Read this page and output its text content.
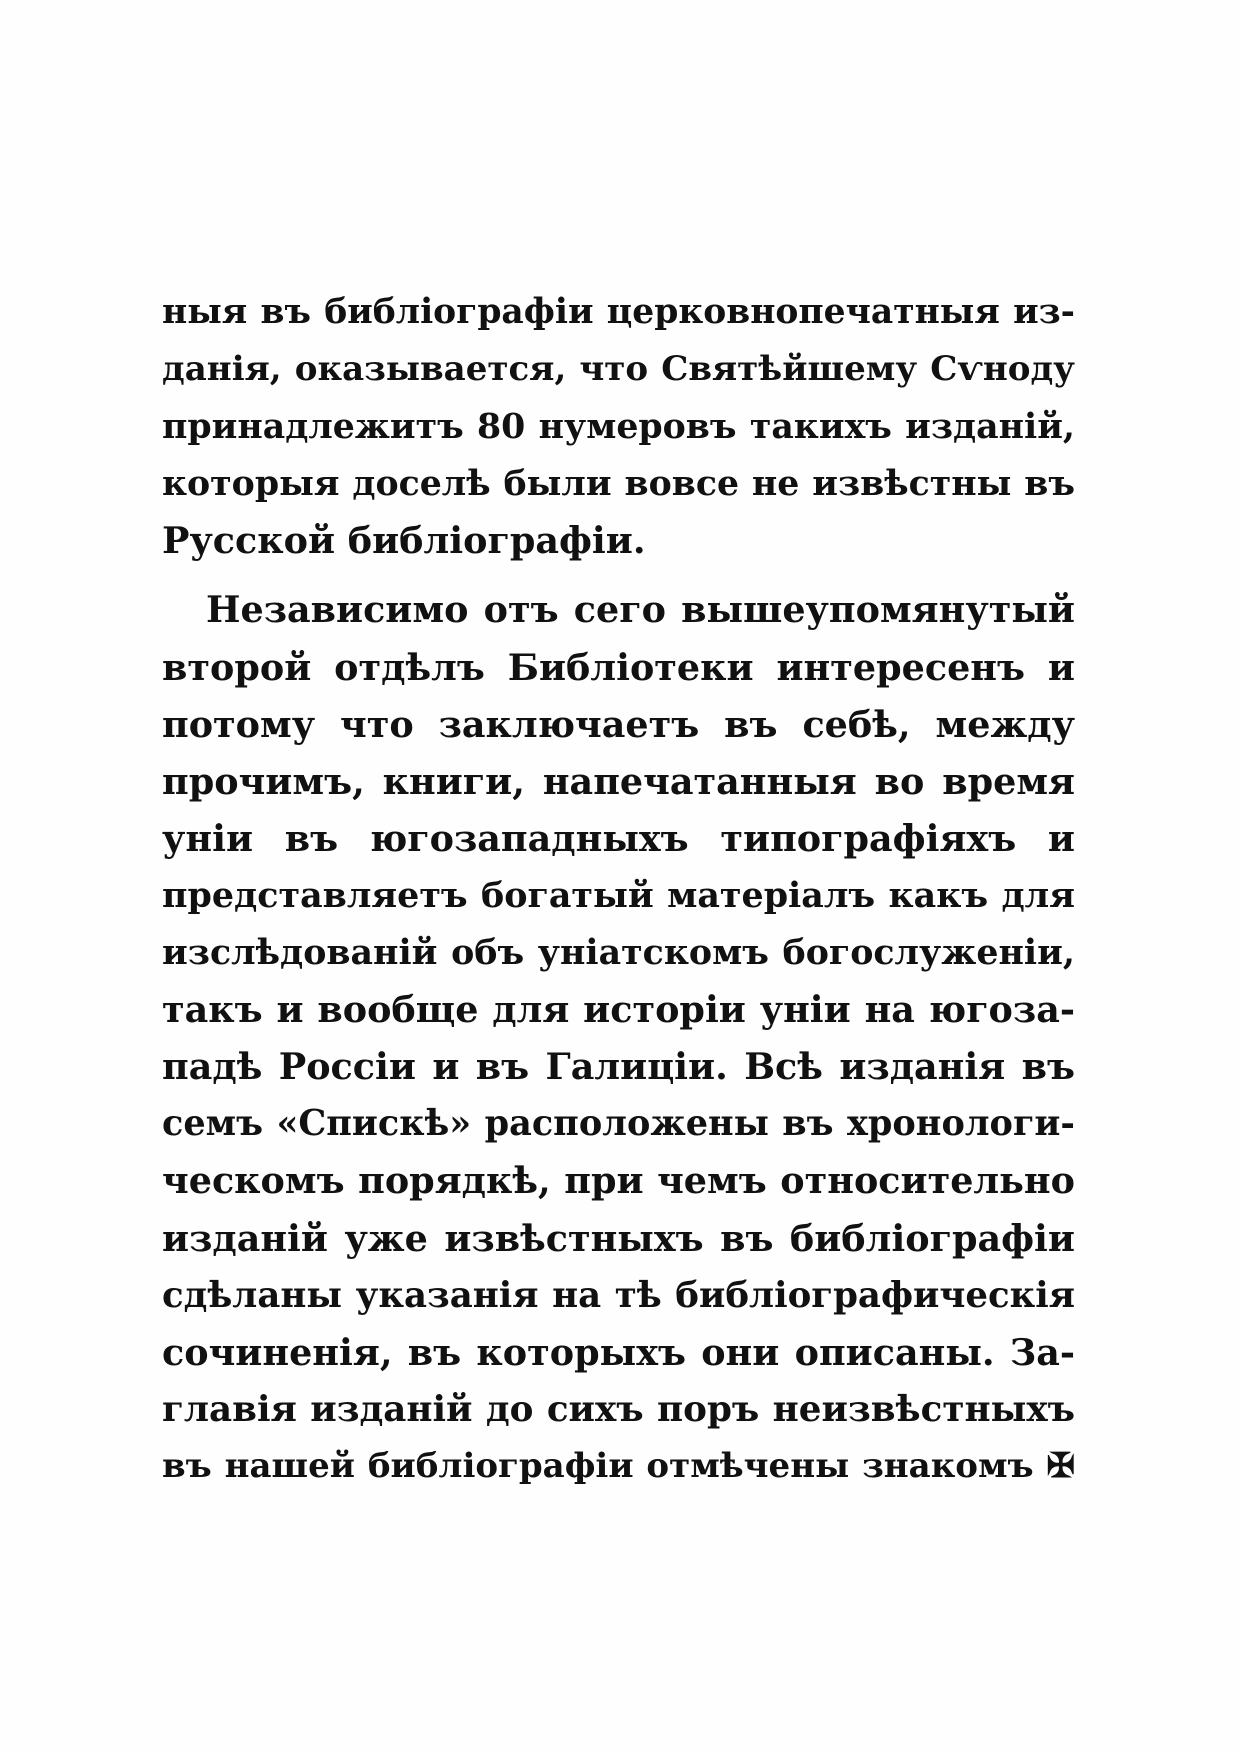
ныя въ библіографіи церковнопечатныя из-
данія, оказывается, что Святѣйшему Сѵноду
принадлежитъ 80 нумеровъ такихъ изданій,
которыя доселѣ были вовсе не извѣстны въ
Русской библіографіи.
Независимо отъ сего вышеупомянутый
второй отдѣлъ Библіотеки интересенъ и
потому что заключаетъ въ себѣ, между
прочимъ, книги, напечатанныя во время
уніи въ югозападныхъ типографіяхъ и
представляетъ богатый матеріалъ какъ для
изслѣдованій объ уніатскомъ богослуженіи,
такъ и вообще для исторіи уніи на югоза-
падѣ Россіи и въ Галиціи. Всѣ изданія въ
семъ «Спискѣ» расположены въ хронологи-
ческомъ порядкѣ, при чемъ относительно
изданій уже извѣстныхъ въ библіографіи
сдѣланы указанія на тѣ библіографическія
сочиненія, въ которыхъ они описаны. За-
главія изданій до сихъ поръ неизвѣстныхъ
въ нашей библіографіи отмѣчены знакомъ ✠
